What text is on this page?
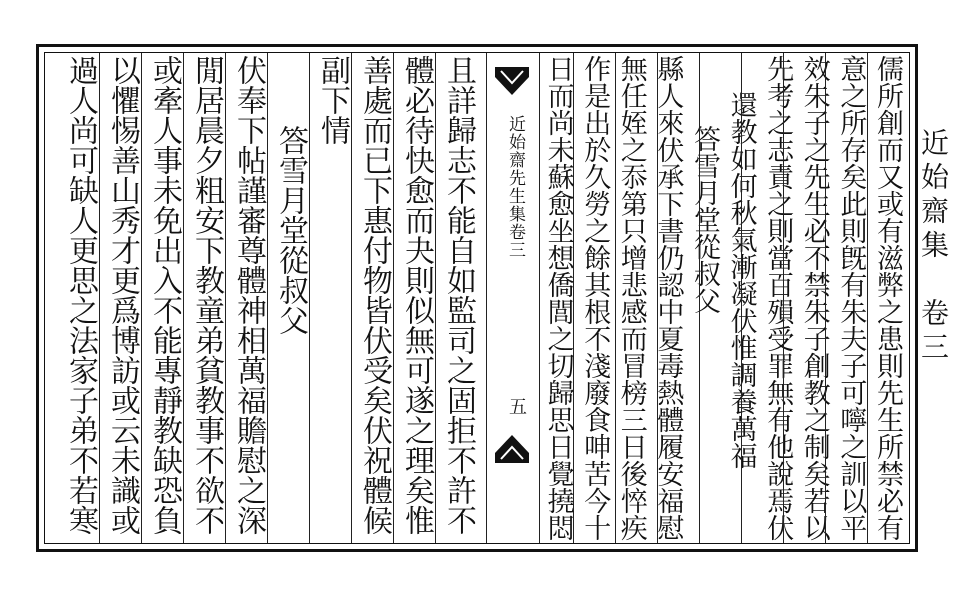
近始齋集　卷三
儒所創而又或有滋弊之患則先生所禁必有
意之所存矣此則旣有朱夫子可嚀之訓以平
效朱子之先生必不禁朱子創教之制矣若以
先考之志責之則當百殞受罪無有他說焉伏
還教如何秋氣漸凝伏惟調養萬福
答雪月堂從叔父
縣人來伏承下書仍認中夏毒熱體履安福慰
無任姪之忝第只增悲感而冒榜三日後悴疾
作是出於久勞之餘其根不淺廢食呻苦今十
近始齋先生集卷三
五
且詳歸志不能自如監司之固拒不許不
體必待快愈而夬則似無可遂之理矣惟
善處而已下惠付物皆伏受矣伏祝體候
副下情
答雪月堂從叔父
伏奉下帖謹審尊體神相萬福贍慰之深
閒居晨夕粗安下教童弟貧教事不欲不
或牽人事未免出入不能專靜教缺恐負
以懼惕善山秀才更爲博訪或云未識或
過人尚可缺人更思之法家子弟不若寒
日而尚未蘇愈坐想僑閭之切歸思日覺撓悶
